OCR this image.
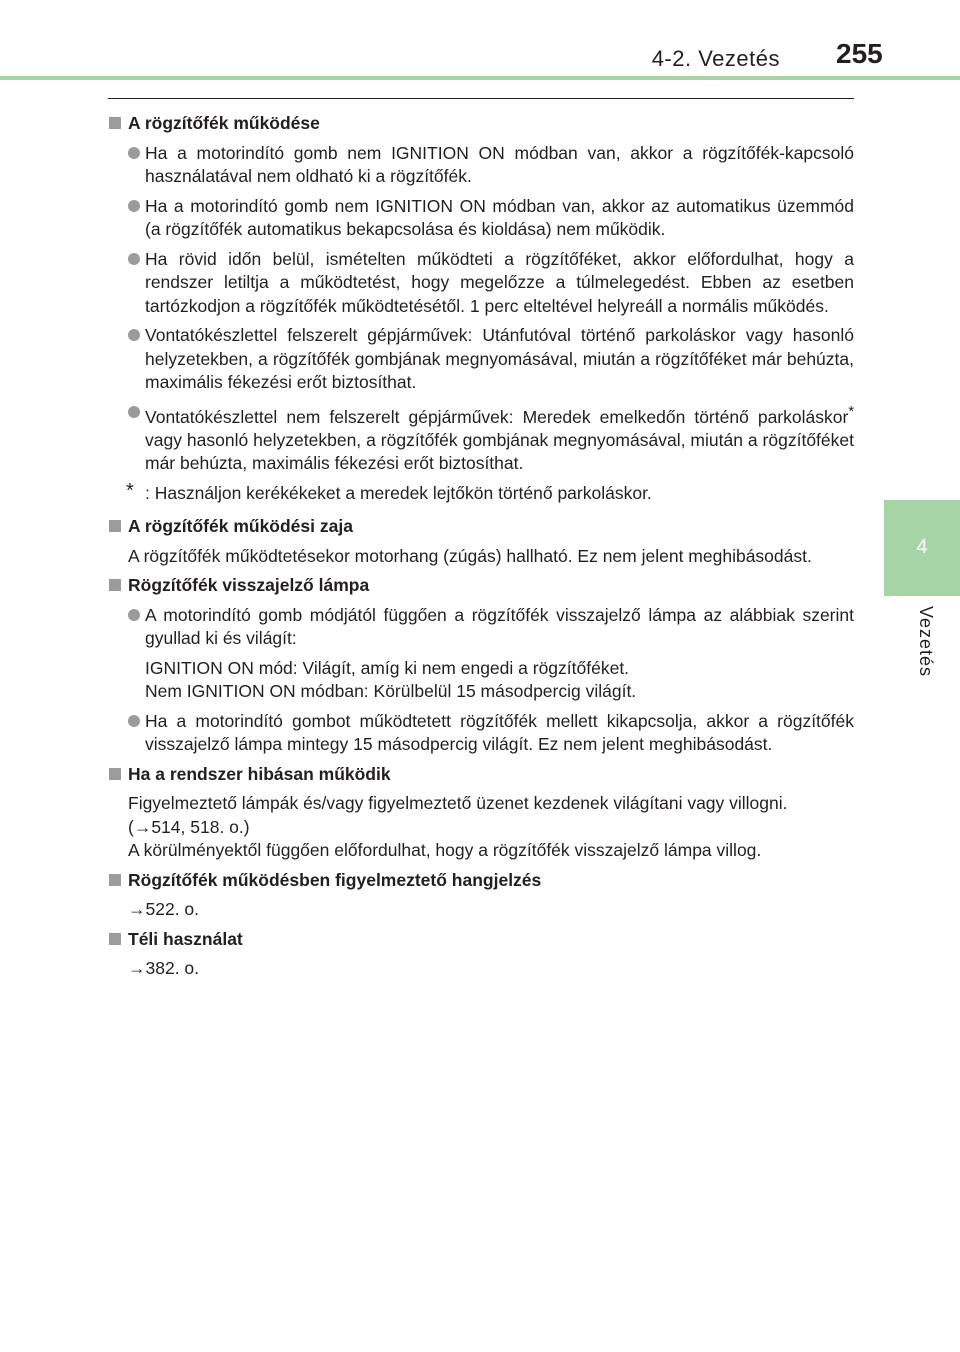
4-2. Vezetés 255
4
Vezetés
A rögzítőfék működése
Ha a motorindító gomb nem IGNITION ON módban van, akkor a rögzítőfék-kapcsoló használatával nem oldható ki a rögzítőfék.
Ha a motorindító gomb nem IGNITION ON módban van, akkor az automatikus üzemmód (a rögzítőfék automatikus bekapcsolása és kioldása) nem működik.
Ha rövid időn belül, ismételten működteti a rögzítőféket, akkor előfordulhat, hogy a rendszer letiltja a működtetést, hogy megelőzze a túlmelegedést. Ebben az esetben tartózkodjon a rögzítőfék működtetésétől. 1 perc elteltével helyreáll a normális működés.
Vontatókészlettel felszerelt gépjárművek: Utánfutóval történő parkoláskor vagy hasonló helyzetekben, a rögzítőfék gombjának megnyomásával, miután a rögzítőféket már behúzta, maximális fékezési erőt biztosíthat.
Vontatókészlettel nem felszerelt gépjárművek: Meredek emelkedőn történő parkoláskor* vagy hasonló helyzetekben, a rögzítőfék gombjának megnyomásával, miután a rögzítőféket már behúzta, maximális fékezési erőt biztosíthat.
* : Használjon kerékékeket a meredek lejtőkön történő parkoláskor.
A rögzítőfék működési zaja
A rögzítőfék működtetésekor motorhang (zúgás) hallható. Ez nem jelent meghibásodást.
Rögzítőfék visszajelző lámpa
A motorindító gomb módjától függően a rögzítőfék visszajelző lámpa az alábbiak szerint gyullad ki és világít:
IGNITION ON mód: Világít, amíg ki nem engedi a rögzítőféket.
Nem IGNITION ON módban: Körülbelül 15 másodpercig világít.
Ha a motorindító gombot működtetett rögzítőfék mellett kikapcsolja, akkor a rögzítőfék visszajelző lámpa mintegy 15 másodpercig világít. Ez nem jelent meghibásodást.
Ha a rendszer hibásan működik
Figyelmeztető lámpák és/vagy figyelmeztető üzenet kezdenek világítani vagy villogni.
(→514, 518. o.)
A körülményektől függően előfordulhat, hogy a rögzítőfék visszajelző lámpa villog.
Rögzítőfék működésben figyelmeztető hangjelzés
→522. o.
Téli használat
→382. o.
